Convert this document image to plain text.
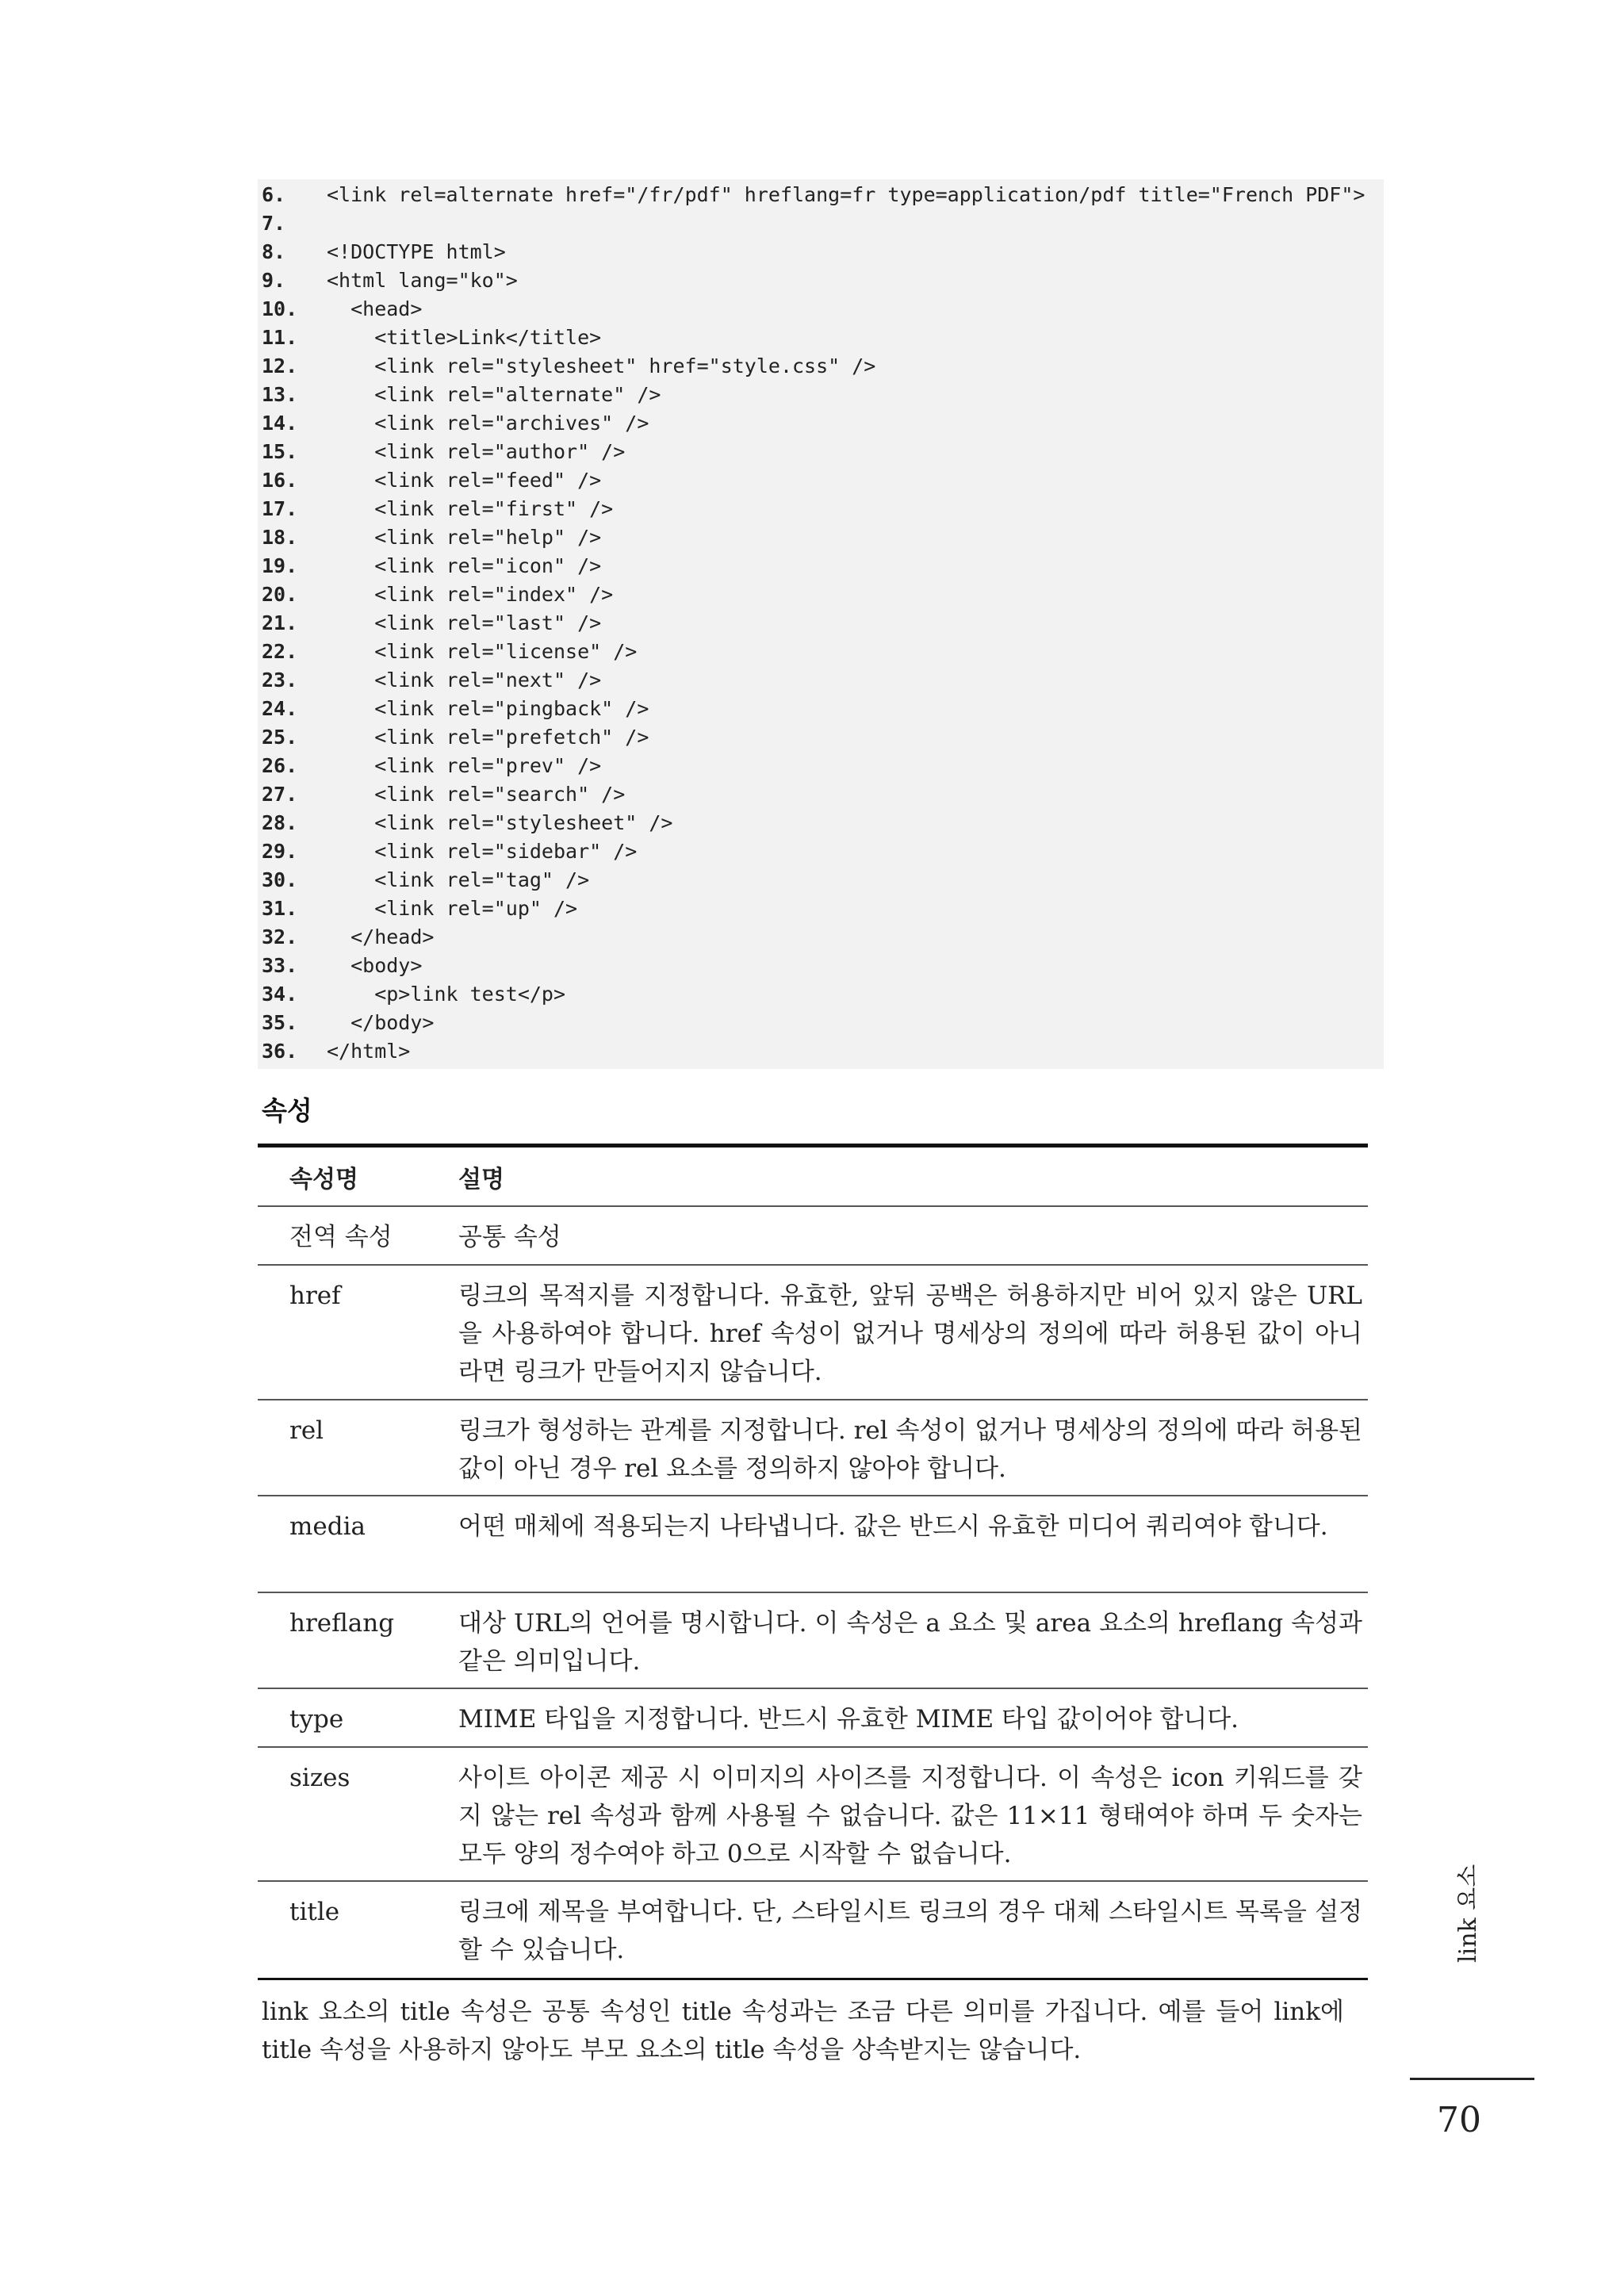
6.	<link rel=alternate href="/fr/pdf" hreflang=fr type=application/pdf title="French PDF">
7.
8.	<!DOCTYPE html>
9.	<html lang="ko">
10.	<head>
11.	<title>Link</title>
12.	<link rel="stylesheet" href="style.css" />
13.	<link rel="alternate" />
14.	<link rel="archives" />
15.	<link rel="author" />
16.	<link rel="feed" />
17.	<link rel="first" />
18.	<link rel="help" />
19.	<link rel="icon" />
20.	<link rel="index" />
21.	<link rel="last" />
22.	<link rel="license" />
23.	<link rel="next" />
24.	<link rel="pingback" />
25.	<link rel="prefetch" />
26.	<link rel="prev" />
27.	<link rel="search" />
28.	<link rel="stylesheet" />
29.	<link rel="sidebar" />
30.	<link rel="tag" />
31.	<link rel="up" />
32.	</head>
33.	<body>
34.	<p>link test</p>
35.	</body>
36.	</html>
속성
속성명	설명
전역 속성	공통 속성
href	링크의 목적지를 지정합니다. 유효한, 앞뒤 공백은 허용하지만 비어 있지 않은 URL을 사용하여야 합니다. href 속성이 없거나 명세상의 정의에 따라 허용된 값이 아니라면 링크가 만들어지지 않습니다.
rel	링크가 형성하는 관계를 지정합니다. rel 속성이 없거나 명세상의 정의에 따라 허용된 값이 아닌 경우 rel 요소를 정의하지 않아야 합니다.
media	어떤 매체에 적용되는지 나타냅니다. 값은 반드시 유효한 미디어 쿼리여야 합니다.
hreflang	대상 URL의 언어를 명시합니다. 이 속성은 a 요소 및 area 요소의 hreflang 속성과 같은 의미입니다.
type	MIME 타입을 지정합니다. 반드시 유효한 MIME 타입 값이어야 합니다.
sizes	사이트 아이콘 제공 시 이미지의 사이즈를 지정합니다. 이 속성은 icon 키워드를 갖지 않는 rel 속성과 함께 사용될 수 없습니다. 값은 11×11 형태여야 하며 두 숫자는 모두 양의 정수여야 하고 0으로 시작할 수 없습니다.
title	링크에 제목을 부여합니다. 단, 스타일시트 링크의 경우 대체 스타일시트 목록을 설정할 수 있습니다.
link 요소의 title 속성은 공통 속성인 title 속성과는 조금 다른 의미를 가집니다. 예를 들어 link에 title 속성을 사용하지 않아도 부모 요소의 title 속성을 상속받지는 않습니다.
link 요소
70
